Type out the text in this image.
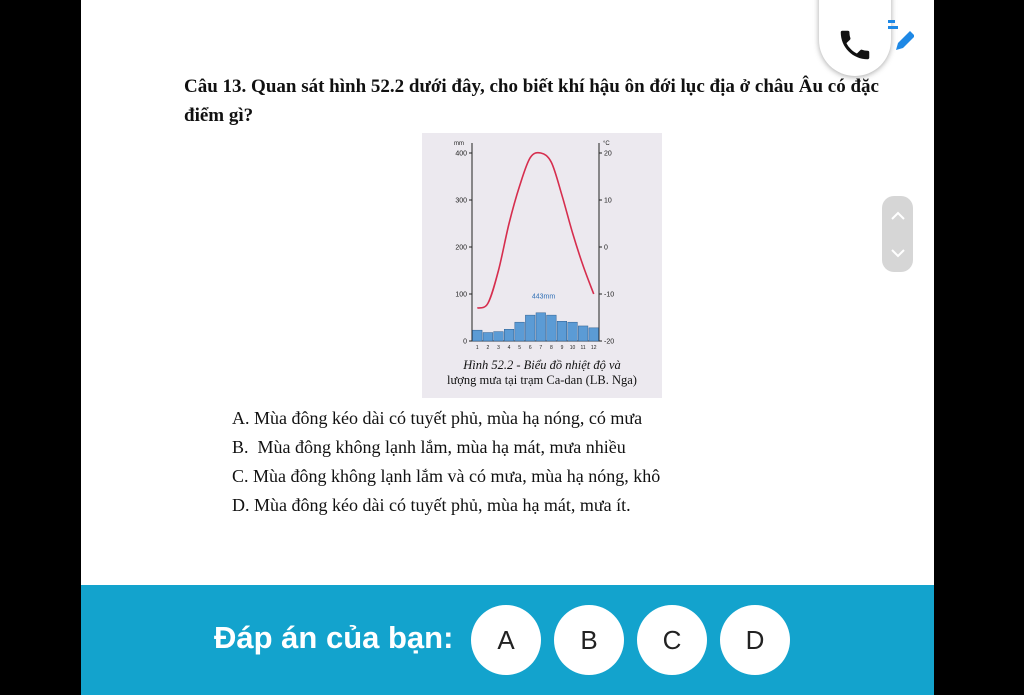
Câu 13. Quan sát hình 52.2 dưới đây, cho biết khí hậu ôn đới lục địa ở châu Âu có đặc điểm gì?

mm	°C
0
100
200
300
400
-20
-10
0
10
20
1 2 3 4 5 6 7 8 9 10 11 12
443mm
Hình 52.2 - Biểu đồ nhiệt độ và
lượng mưa tại trạm Ca-dan (LB. Nga)
A. Mùa đông kéo dài có tuyết phủ, mùa hạ nóng, có mưa
B. Mùa đông không lạnh lắm, mùa hạ mát, mưa nhiều
C. Mùa đông không lạnh lắm và có mưa, mùa hạ nóng, khô
D. Mùa đông kéo dài có tuyết phủ, mùa hạ mát, mưa ít.
Đáp án của bạn:	A	B	C	D
